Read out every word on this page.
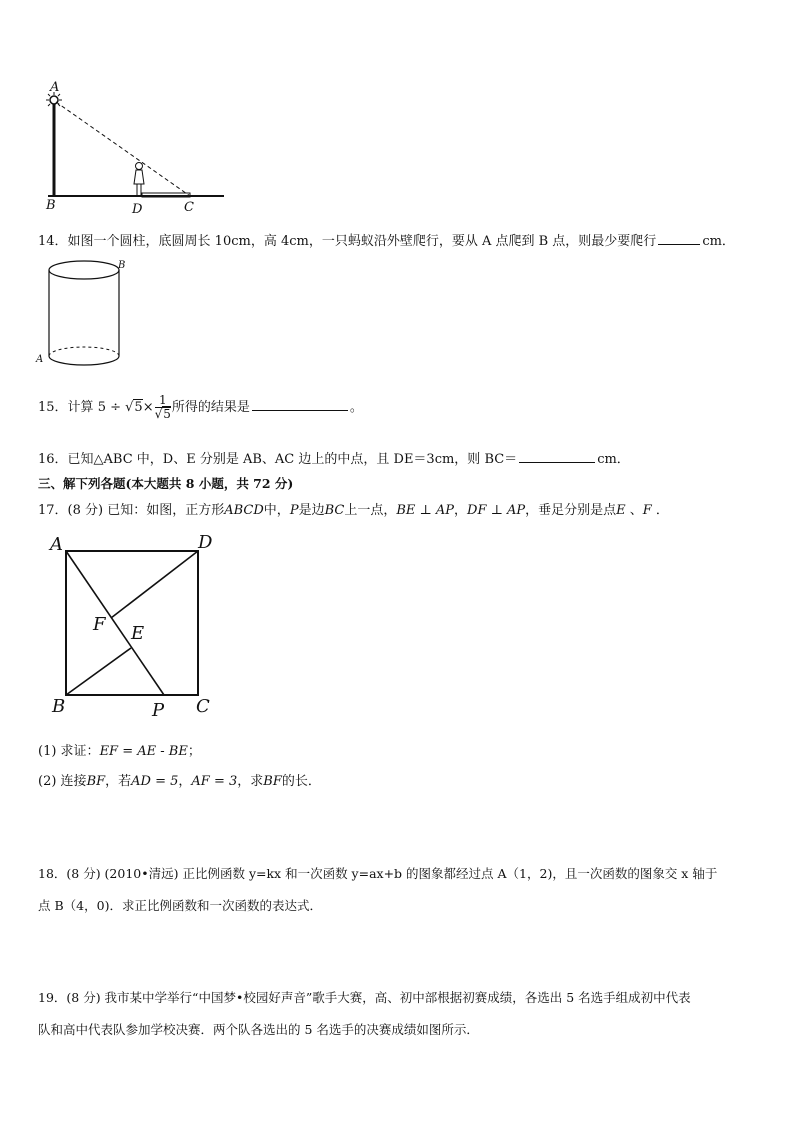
A
B	D	C
14．如图一个圆柱，底圆周长 10cm，高 4cm，一只蚂蚁沿外壁爬行，要从 A 点爬到 B 点，则最少要爬行	cm．
B
A
15．计算 $5 \div √5\times \frac{1}{√5}$ 所得的结果是	。
16．已知△ABC 中，D、E 分别是 AB、AC 边上的中点，且 DE＝3cm，则 BC＝	cm．
三、解下列各题(本大题共 8 小题，共 72 分)
17．(8 分) 已知：如图，正方形ABCD中，P是边BC上一点，BE ⊥ AP，DF ⊥ AP，垂足分别是点E 、F ．
A	D
F E
B	P C
(1) 求证：EF = AE - BE；
(2) 连接BF，若AD = 5，AF = 3，求BF的长．
18．(8 分) (2010•清远) 正比例函数 y=kx 和一次函数 y=ax+b 的图象都经过点 A（1，2)，且一次函数的图象交 x 轴于
点 B（4，0)．求正比例函数和一次函数的表达式．
19．(8 分) 我市某中学举行“中国梦•校园好声音”歌手大赛，高、初中部根据初赛成绩，各选出 5 名选手组成初中代表
队和高中代表队参加学校决赛．两个队各选出的 5 名选手的决赛成绩如图所示．
